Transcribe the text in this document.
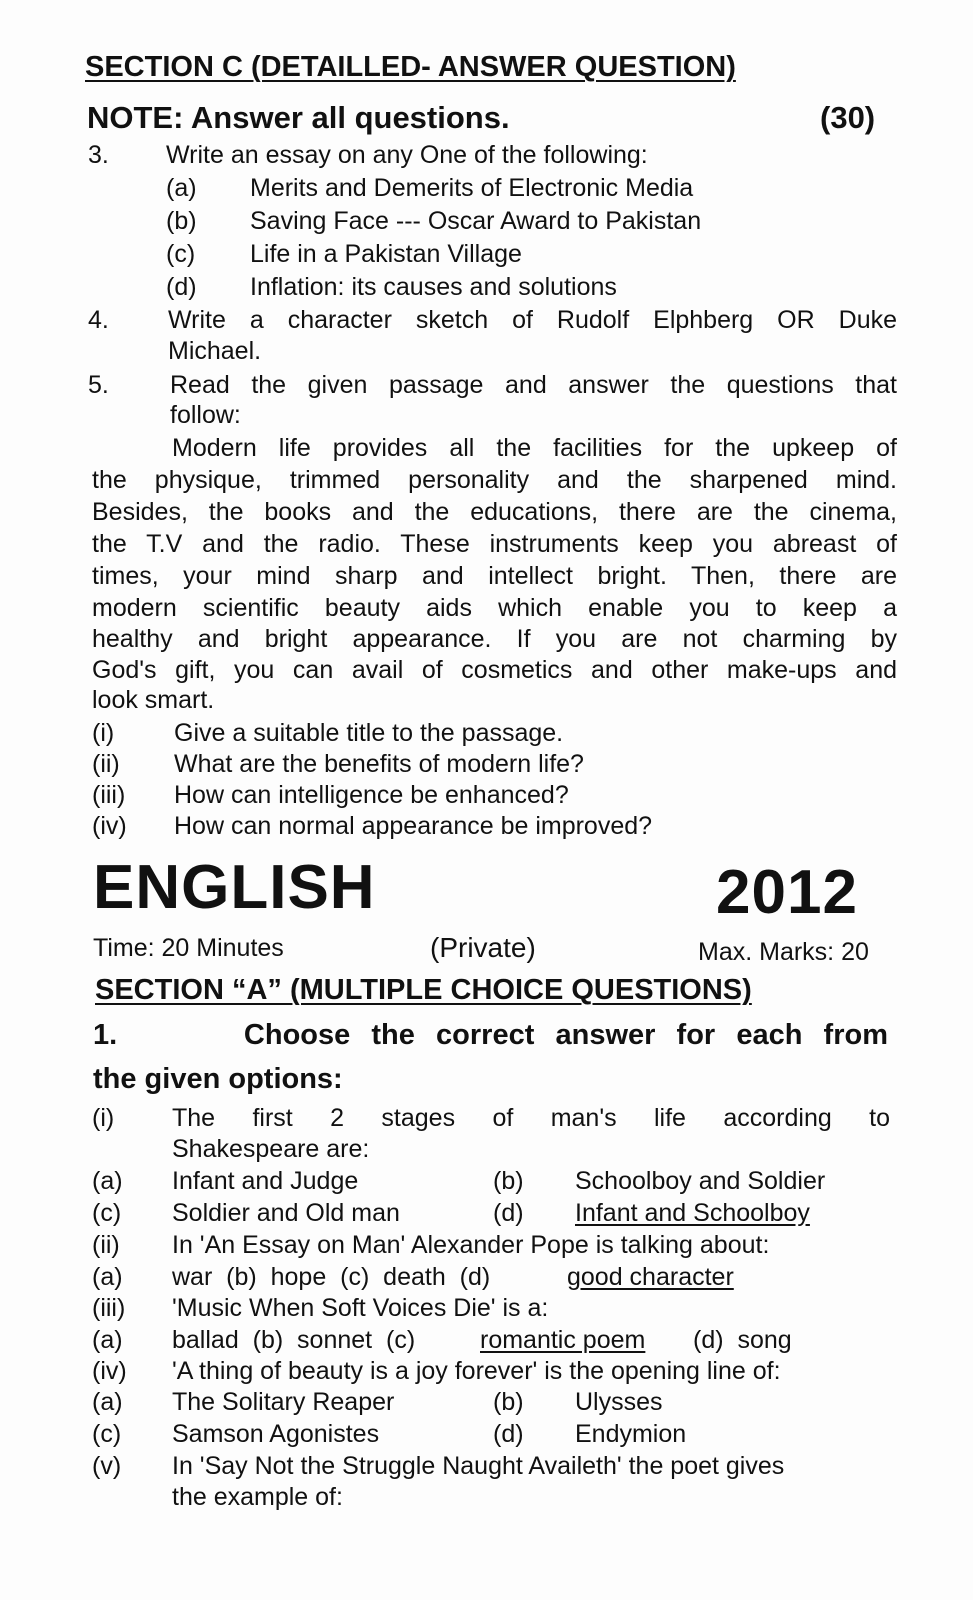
SECTION C (DETAILLED- ANSWER QUESTION)
NOTE: Answer all questions.	(30)
3. Write an essay on any One of the following:
(a) Merits and Demerits of Electronic Media
(b) Saving Face --- Oscar Award to Pakistan
(c) Life in a Pakistan Village
(d) Inflation: its causes and solutions
4. Write a character sketch of Rudolf Elphberg OR Duke
Michael.
5. Read the given passage and answer the questions that
follow:
Modern life provides all the facilities for the upkeep of
the physique, trimmed personality and the sharpened mind.
Besides, the books and the educations, there are the cinema,
the T.V and the radio. These instruments keep you abreast of
times, your mind sharp and intellect bright. Then, there are
modern scientific beauty aids which enable you to keep a
healthy and bright appearance. If you are not charming by
God's gift, you can avail of cosmetics and other make-ups and
look smart.
(i) Give a suitable title to the passage.
(ii) What are the benefits of modern life?
(iii) How can intelligence be enhanced?
(iv) How can normal appearance be improved?
ENGLISH	2012
Time: 20 Minutes	(Private)	Max. Marks: 20
SECTION “A” (MULTIPLE CHOICE QUESTIONS)
1.      Choose the correct answer for each from
the given options:
(i) The first 2 stages of man's life according to
Shakespeare are:
(a) Infant and Judge	(b) Schoolboy and Soldier
(c) Soldier and Old man	(d) Infant and Schoolboy
(ii) In 'An Essay on Man' Alexander Pope is talking about:
(a) war  (b)  hope  (c)  death  (d)	good character
(iii) 'Music When Soft Voices Die' is a:
(a) ballad  (b)  sonnet  (c)	romantic poem (d)  song
(iv) 'A thing of beauty is a joy forever' is the opening line of:
(a) The Solitary Reaper	(b) Ulysses
(c) Samson Agonistes	(d) Endymion
(v) In 'Say Not the Struggle Naught Availeth' the poet gives
the example of:
